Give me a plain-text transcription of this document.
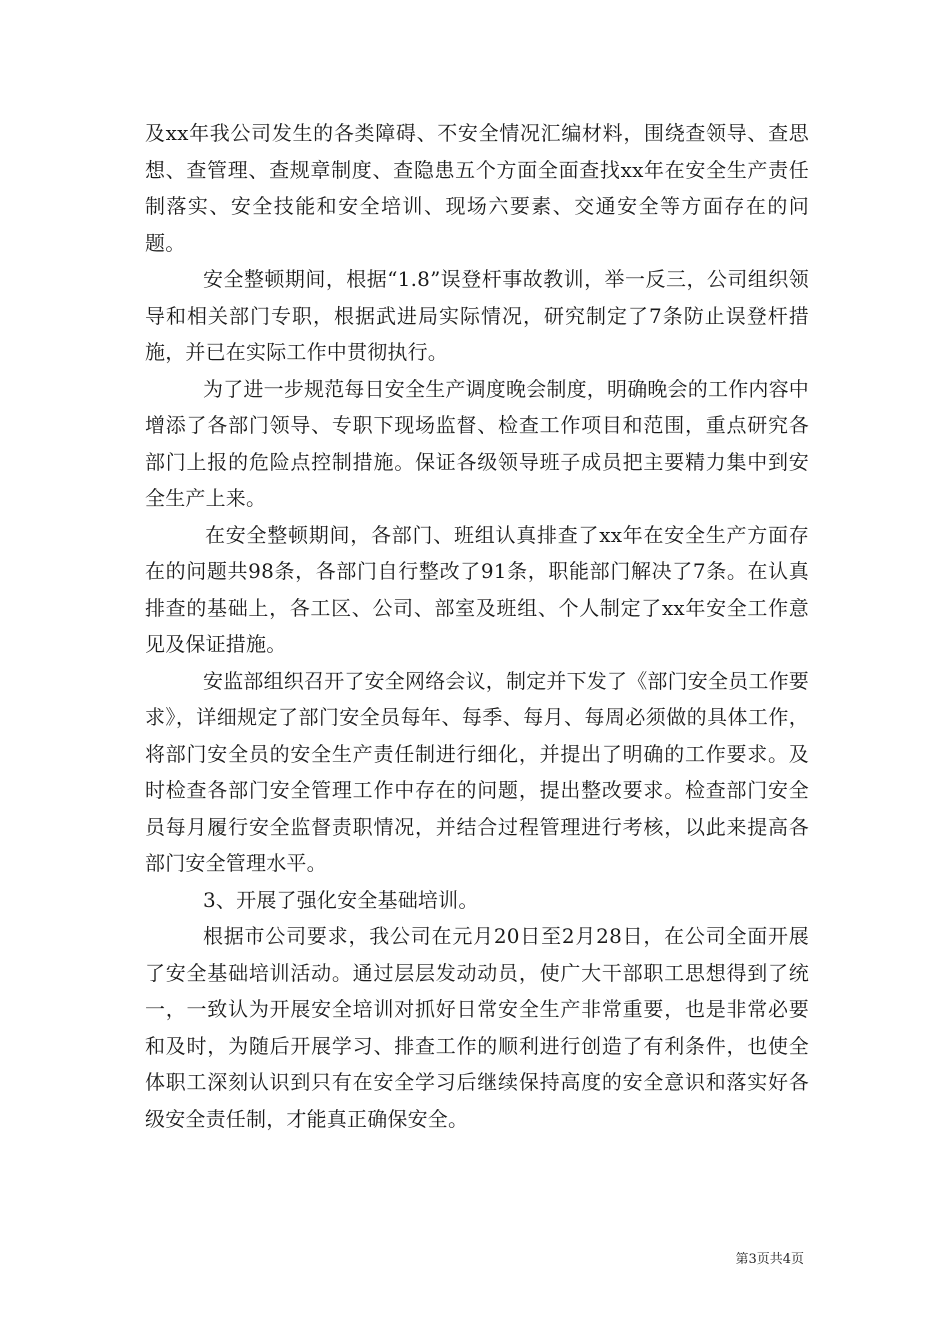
及xx年我公司发生的各类障碍、不安全情况汇编材料，围绕查领导、查思想、查管理、查规章制度、查隐患五个方面全面查找xx年在安全生产责任制落实、安全技能和安全培训、现场六要素、交通安全等方面存在的问题。

安全整顿期间，根据“1.8”误登杆事故教训，举一反三，公司组织领导和相关部门专职，根据武进局实际情况，研究制定了7条防止误登杆措施，并已在实际工作中贯彻执行。

为了进一步规范每日安全生产调度晚会制度，明确晚会的工作内容中增添了各部门领导、专职下现场监督、检查工作项目和范围，重点研究各部门上报的危险点控制措施。保证各级领导班子成员把主要精力集中到安全生产上来。

在安全整顿期间，各部门、班组认真排查了xx年在安全生产方面存在的问题共98条，各部门自行整改了91条，职能部门解决了7条。在认真排查的基础上，各工区、公司、部室及班组、个人制定了xx年安全工作意见及保证措施。

安监部组织召开了安全网络会议，制定并下发了《部门安全员工作要求》，详细规定了部门安全员每年、每季、每月、每周必须做的具体工作，将部门安全员的安全生产责任制进行细化，并提出了明确的工作要求。及时检查各部门安全管理工作中存在的问题，提出整改要求。检查部门安全员每月履行安全监督责职情况，并结合过程管理进行考核，以此来提高各部门安全管理水平。

3、开展了强化安全基础培训。

根据市公司要求，我公司在元月20日至2月28日，在公司全面开展了安全基础培训活动。通过层层发动动员，使广大干部职工思想得到了统一，一致认为开展安全培训对抓好日常安全生产非常重要，也是非常必要和及时，为随后开展学习、排查工作的顺利进行创造了有利条件，也使全体职工深刻认识到只有在安全学习后继续保持高度的安全意识和落实好各级安全责任制，才能真正确保安全。

第3页共4页
